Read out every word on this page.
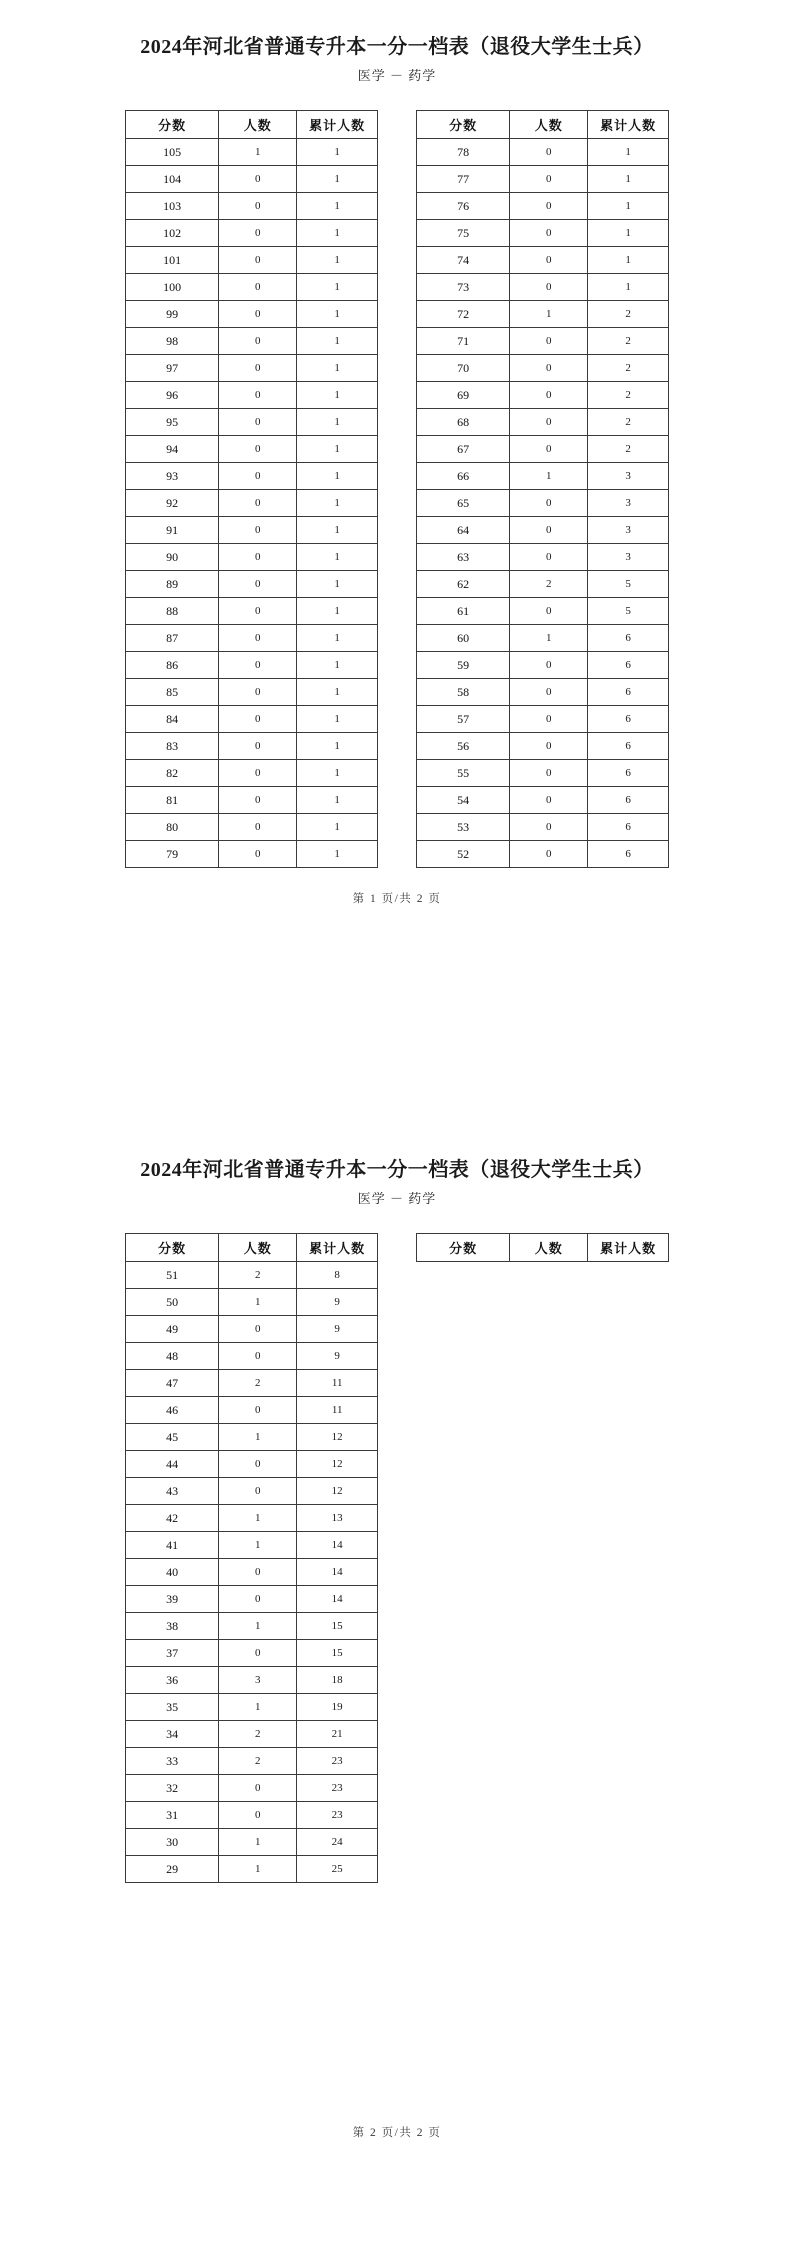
2024年河北省普通专升本一分一档表（退役大学生士兵）

医学 － 药学

分数	人数	累计人数
105	1	1
104	0	1
103	0	1
102	0	1
101	0	1
100	0	1
99	0	1
98	0	1
97	0	1
96	0	1
95	0	1
94	0	1
93	0	1
92	0	1
91	0	1
90	0	1
89	0	1
88	0	1
87	0	1
86	0	1
85	0	1
84	0	1
83	0	1
82	0	1
81	0	1
80	0	1
79	0	1
分数	人数	累计人数
78	0	1
77	0	1
76	0	1
75	0	1
74	0	1
73	0	1
72	1	2
71	0	2
70	0	2
69	0	2
68	0	2
67	0	2
66	1	3
65	0	3
64	0	3
63	0	3
62	2	5
61	0	5
60	1	6
59	0	6
58	0	6
57	0	6
56	0	6
55	0	6
54	0	6
53	0	6
52	0	6
第 1 页/共 2 页
2024年河北省普通专升本一分一档表（退役大学生士兵）

医学 － 药学

分数	人数	累计人数
51	2	8
50	1	9
49	0	9
48	0	9
47	2	11
46	0	11
45	1	12
44	0	12
43	0	12
42	1	13
41	1	14
40	0	14
39	0	14
38	1	15
37	0	15
36	3	18
35	1	19
34	2	21
33	2	23
32	0	23
31	0	23
30	1	24
29	1	25
分数	人数	累计人数
第 2 页/共 2 页
